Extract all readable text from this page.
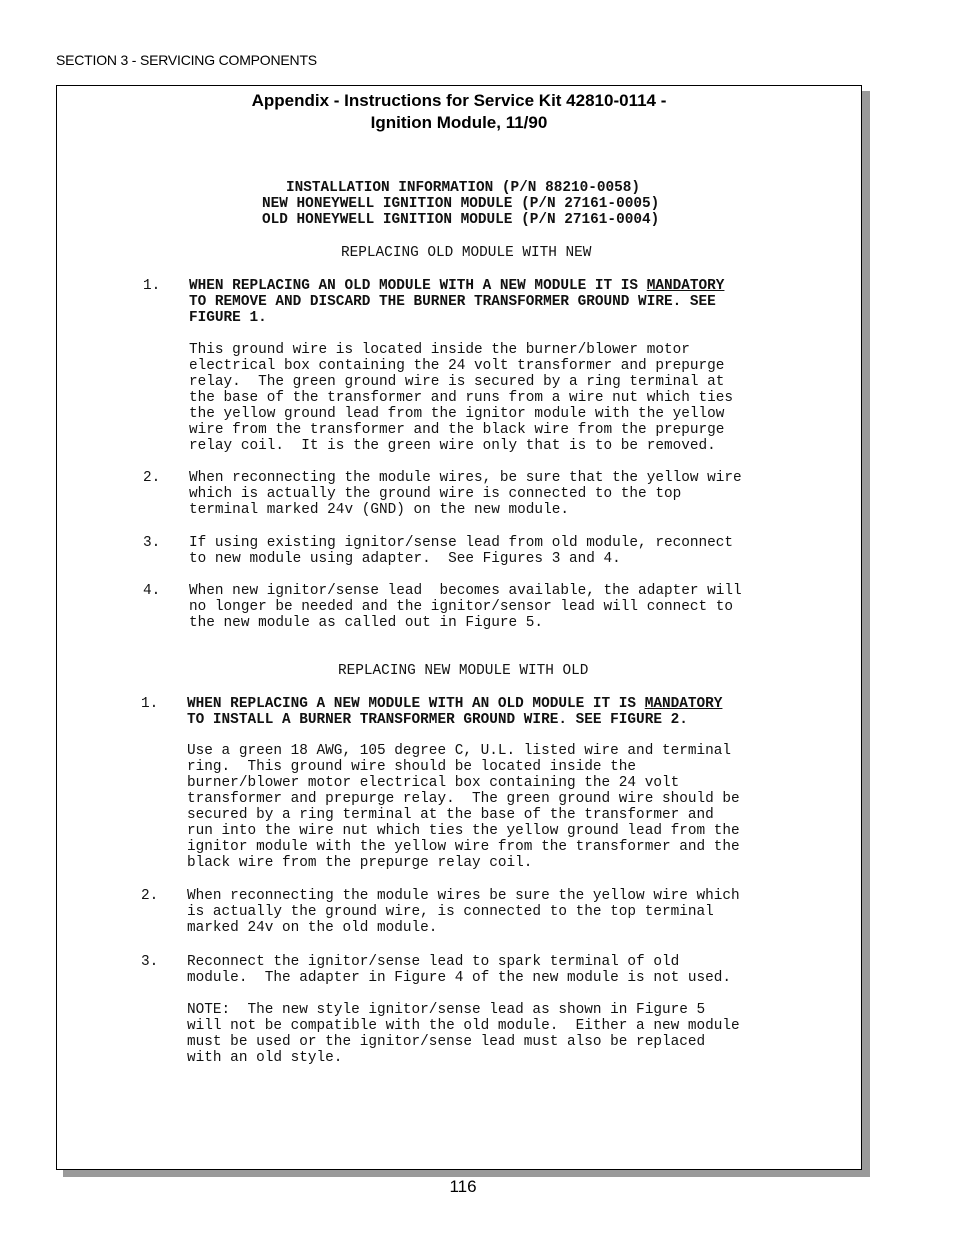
SECTION 3 - SERVICING COMPONENTS
Appendix - Instructions for Service Kit 42810-0114 -
Ignition Module, 11/90
INSTALLATION INFORMATION (P/N 88210-0058)
NEW HONEYWELL IGNITION MODULE (P/N 27161-0005)
OLD HONEYWELL IGNITION MODULE (P/N 27161-0004)
REPLACING OLD MODULE WITH NEW
1. WHEN REPLACING AN OLD MODULE WITH A NEW MODULE IT IS MANDATORY
TO REMOVE AND DISCARD THE BURNER TRANSFORMER GROUND WIRE. SEE
FIGURE 1.
This ground wire is located inside the burner/blower motor
electrical box containing the 24 volt transformer and prepurge
relay.  The green ground wire is secured by a ring terminal at
the base of the transformer and runs from a wire nut which ties
the yellow ground lead from the ignitor module with the yellow
wire from the transformer and the black wire from the prepurge
relay coil.  It is the green wire only that is to be removed.
2. When reconnecting the module wires, be sure that the yellow wire
which is actually the ground wire is connected to the top
terminal marked 24v (GND) on the new module.
3. If using existing ignitor/sense lead from old module, reconnect
to new module using adapter.  See Figures 3 and 4.
4. When new ignitor/sense lead  becomes available, the adapter will
no longer be needed and the ignitor/sensor lead will connect to
the new module as called out in Figure 5.
REPLACING NEW MODULE WITH OLD
1. WHEN REPLACING A NEW MODULE WITH AN OLD MODULE IT IS MANDATORY
TO INSTALL A BURNER TRANSFORMER GROUND WIRE. SEE FIGURE 2.
Use a green 18 AWG, 105 degree C, U.L. listed wire and terminal
ring.  This ground wire should be located inside the
burner/blower motor electrical box containing the 24 volt
transformer and prepurge relay.  The green ground wire should be
secured by a ring terminal at the base of the transformer and
run into the wire nut which ties the yellow ground lead from the
ignitor module with the yellow wire from the transformer and the
black wire from the prepurge relay coil.
2. When reconnecting the module wires be sure the yellow wire which
is actually the ground wire, is connected to the top terminal
marked 24v on the old module.
3. Reconnect the ignitor/sense lead to spark terminal of old
module.  The adapter in Figure 4 of the new module is not used.
NOTE:  The new style ignitor/sense lead as shown in Figure 5
will not be compatible with the old module.  Either a new module
must be used or the ignitor/sense lead must also be replaced
with an old style.
116
